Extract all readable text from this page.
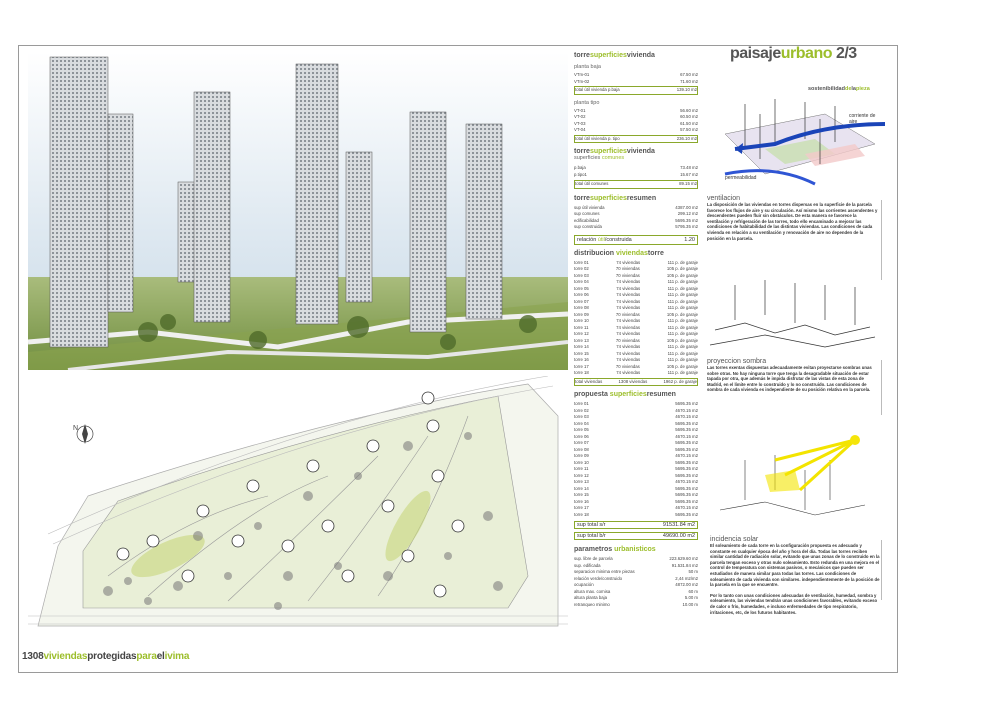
N
1308viviendasprotegidasparaelivima
torresuperficiesvivienda
planta baja
VTm-01	67.50 m2
VTm-02	71.60 m2
total útil vivienda p.baja	139.10 m2
planta tipo
VT-01	56.60 m2
VT-02	60.50 m2
VT-03	61.50 m2
VT-04	57.50 m2
total útil vivienda p. tipo	236.10 m2
torresuperficiesvivienda
superficies comunes
p.baja	73.48 m2
p.tipo1	15.67 m2
total útil comunes	89.15 m2
torresuperficiesresumen
sup útil vivienda	4387.00 m2
sup comunes	299.12 m2
edificabilidad	5695.35 m2
sup construida	5795.35 m2
relación útil/construida	1.20
distribucion viviendastorre
torre 01	74 viviendas	111 p. de garaje
torre 02	70 viviendas	105 p. de garaje
torre 03	70 viviendas	105 p. de garaje
torre 04	74 viviendas	111 p. de garaje
torre 05	74 viviendas	111 p. de garaje
torre 06	74 viviendas	111 p. de garaje
torre 07	74 viviendas	111 p. de garaje
torre 08	74 viviendas	111 p. de garaje
torre 09	70 viviendas	105 p. de garaje
torre 10	74 viviendas	111 p. de garaje
torre 11	74 viviendas	111 p. de garaje
torre 12	74 viviendas	111 p. de garaje
torre 13	70 viviendas	105 p. de garaje
torre 14	74 viviendas	111 p. de garaje
torre 15	74 viviendas	111 p. de garaje
torre 16	74 viviendas	111 p. de garaje
torre 17	70 viviendas	105 p. de garaje
torre 18	74 viviendas	111 p. de garaje
total viviendas	1308 viviendas	1962 p. de garaje
propuesta superficiesresumen
torre 01	5695.35 m2
torre 02	4670.15 m2
torre 03	4670.15 m2
torre 04	5695.35 m2
torre 05	5695.35 m2
torre 06	4670.15 m2
torre 07	5695.35 m2
torre 08	5695.35 m2
torre 09	4670.15 m2
torre 10	5695.35 m2
torre 11	5695.35 m2
torre 12	5695.35 m2
torre 13	4670.15 m2
torre 14	5695.35 m2
torre 15	5695.35 m2
torre 16	5695.35 m2
torre 17	4670.15 m2
torre 18	5695.35 m2
sup total s/r	91531.84 m2
sup total b/r	49690.00 m2
parametros urbanisticos
sup. libre de parcela	223.629.60 m2
sup. edificada	91.531.84 m2
separacion minima entre piezas	50 m
relación verde/construido	2,44 m2/m2
ocupación	4872.00 m2
altura max. cornisa	60 m
altura planta baja	5.00 m
retranqueo minimo	10.00 m
paisajeurbano 2/3
sostenibilidaddelapieza
corriente de aire
permeabilidad
ventilacion
La disposición de las viviendas en torres dispersas en la superficie de la parcela favorece los flujos de aire y su circulación. Así mismo las corrientes ascendentes y descendentes pueden fluir sin obstáculos. De esta manera se favorece la ventilación y refrigeración de las torres, todo ello encaminado a mejorar las condiciones de habitabilidad de las distintas viviendas. Las condiciones de cada vivienda en relación a su ventilación y renovación de aire no dependen de la posición en la parcela.
proyeccion sombra
Las torres exentas dispuestas adecuadamente evitan proyectarse sombras unas sobre otras. No hay ninguna torre que tenga la desagradable situación de estar tapada por otra, que además le impida disfrutar de las vistas de esta zona de Madrid, en el límite entre lo construido y lo no construido. Las condiciones de sombra de cada vivienda es independiente de su posición relativa en la parcela.
incidencia solar
El soleamiento de cada torre en la configuración propuesta es adecuado y constante en cualquier época del año y hora del día. Todas las torres reciben similar cantidad de radiación solar, evitando que unas zonas de lo construido en la parcela tengan exceso y otras nulo soleamiento. Esto redunda en una mejora en el control de temperatura con sistemas pasivos, o mecánicos que pueden ser estudiados de manera similar para todas las torres. Las condiciones de soleamiento de cada vivienda son similares. independientemente de la posición de la parcela en la que se encuentre.
Por lo tanto con unas condiciones adecuadas de ventilación, humedad, sombra y soleamiento, las viviendas tendrán unas condiciones favorables, evitando exceso de calor o frío, humedades, e incluso enfermedades de tipo respiratorio, irritaciones, etc, de los futuros habitantes.
